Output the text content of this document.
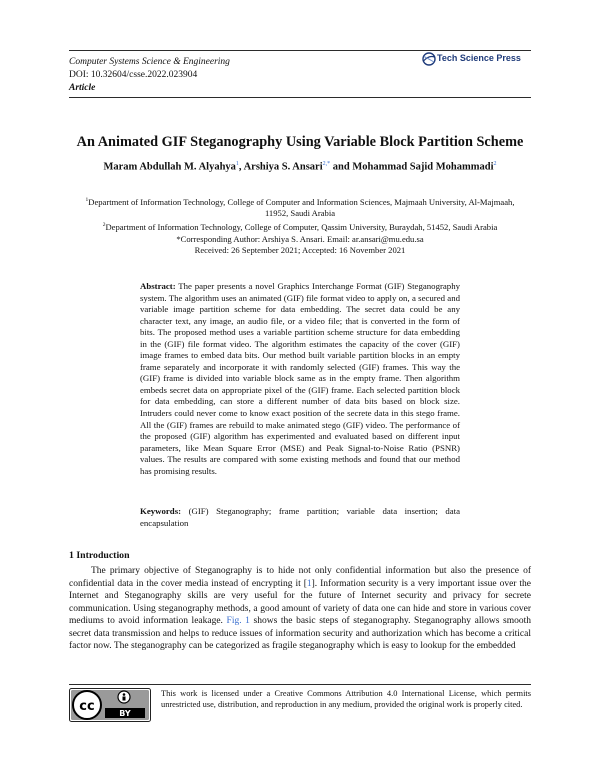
Computer Systems Science & Engineering
DOI: 10.32604/csse.2022.023904
Article
Tech Science Press
An Animated GIF Steganography Using Variable Block Partition Scheme
Maram Abdullah M. Alyahya$^1$, Arshiya S. Ansari$^{2,*}$ and Mohammad Sajid Mohammadi$^2$

$^1$Department of Information Technology, College of Computer and Information Sciences, Majmaah University, Al-Majmaah, 11952, Saudi Arabia

$^2$Department of Information Technology, College of Computer, Qassim University, Buraydah, 51452, Saudi Arabia

*Corresponding Author: Arshiya S. Ansari. Email: ar.ansari@mu.edu.sa

Received: 26 September 2021; Accepted: 16 November 2021

Abstract: The paper presents a novel Graphics Interchange Format (GIF) Steganography system. The algorithm uses an animated (GIF) file format video to apply on, a secured and variable image partition scheme for data embedding. The secret data could be any character text, any image, an audio file, or a video file; that is converted in the form of bits. The proposed method uses a variable partition scheme structure for data embedding in the (GIF) file format video. The algorithm estimates the capacity of the cover (GIF) image frames to embed data bits. Our method built variable partition blocks in an empty frame separately and incorporate it with randomly selected (GIF) frames. This way the (GIF) frame is divided into variable block same as in the empty frame. Then algorithm embeds secret data on appropriate pixel of the (GIF) frame. Each selected partition block for data embedding, can store a different number of data bits based on block size. Intruders could never come to know exact position of the secrete data in this stego frame. All the (GIF) frames are rebuild to make animated stego (GIF) video. The performance of the proposed (GIF) algorithm has experimented and evaluated based on different input parameters, like Mean Square Error (MSE) and Peak Signal-to-Noise Ratio (PSNR) values. The results are compared with some existing methods and found that our method has promising results.

Keywords: (GIF) Steganography; frame partition; variable data insertion; data encapsulation

1 Introduction

The primary objective of Steganography is to hide not only confidential information but also the presence of confidential data in the cover media instead of encrypting it [1]. Information security is a very important issue over the Internet and Steganography skills are very useful for the future of Internet security and privacy for secrete communication. Using steganography methods, a good amount of variety of data one can hide and store in various cover mediums to avoid information leakage. Fig. 1 shows the basic steps of steganography. Steganography allows smooth secret data transmission and helps to reduce issues of information security and authorization which has become a critical factor now. The steganography can be categorized as fragile steganography which is easy to lookup for the embedded

cc	BY
This work is licensed under a Creative Commons Attribution 4.0 International License, which permits unrestricted use, distribution, and reproduction in any medium, provided the original work is properly cited.
